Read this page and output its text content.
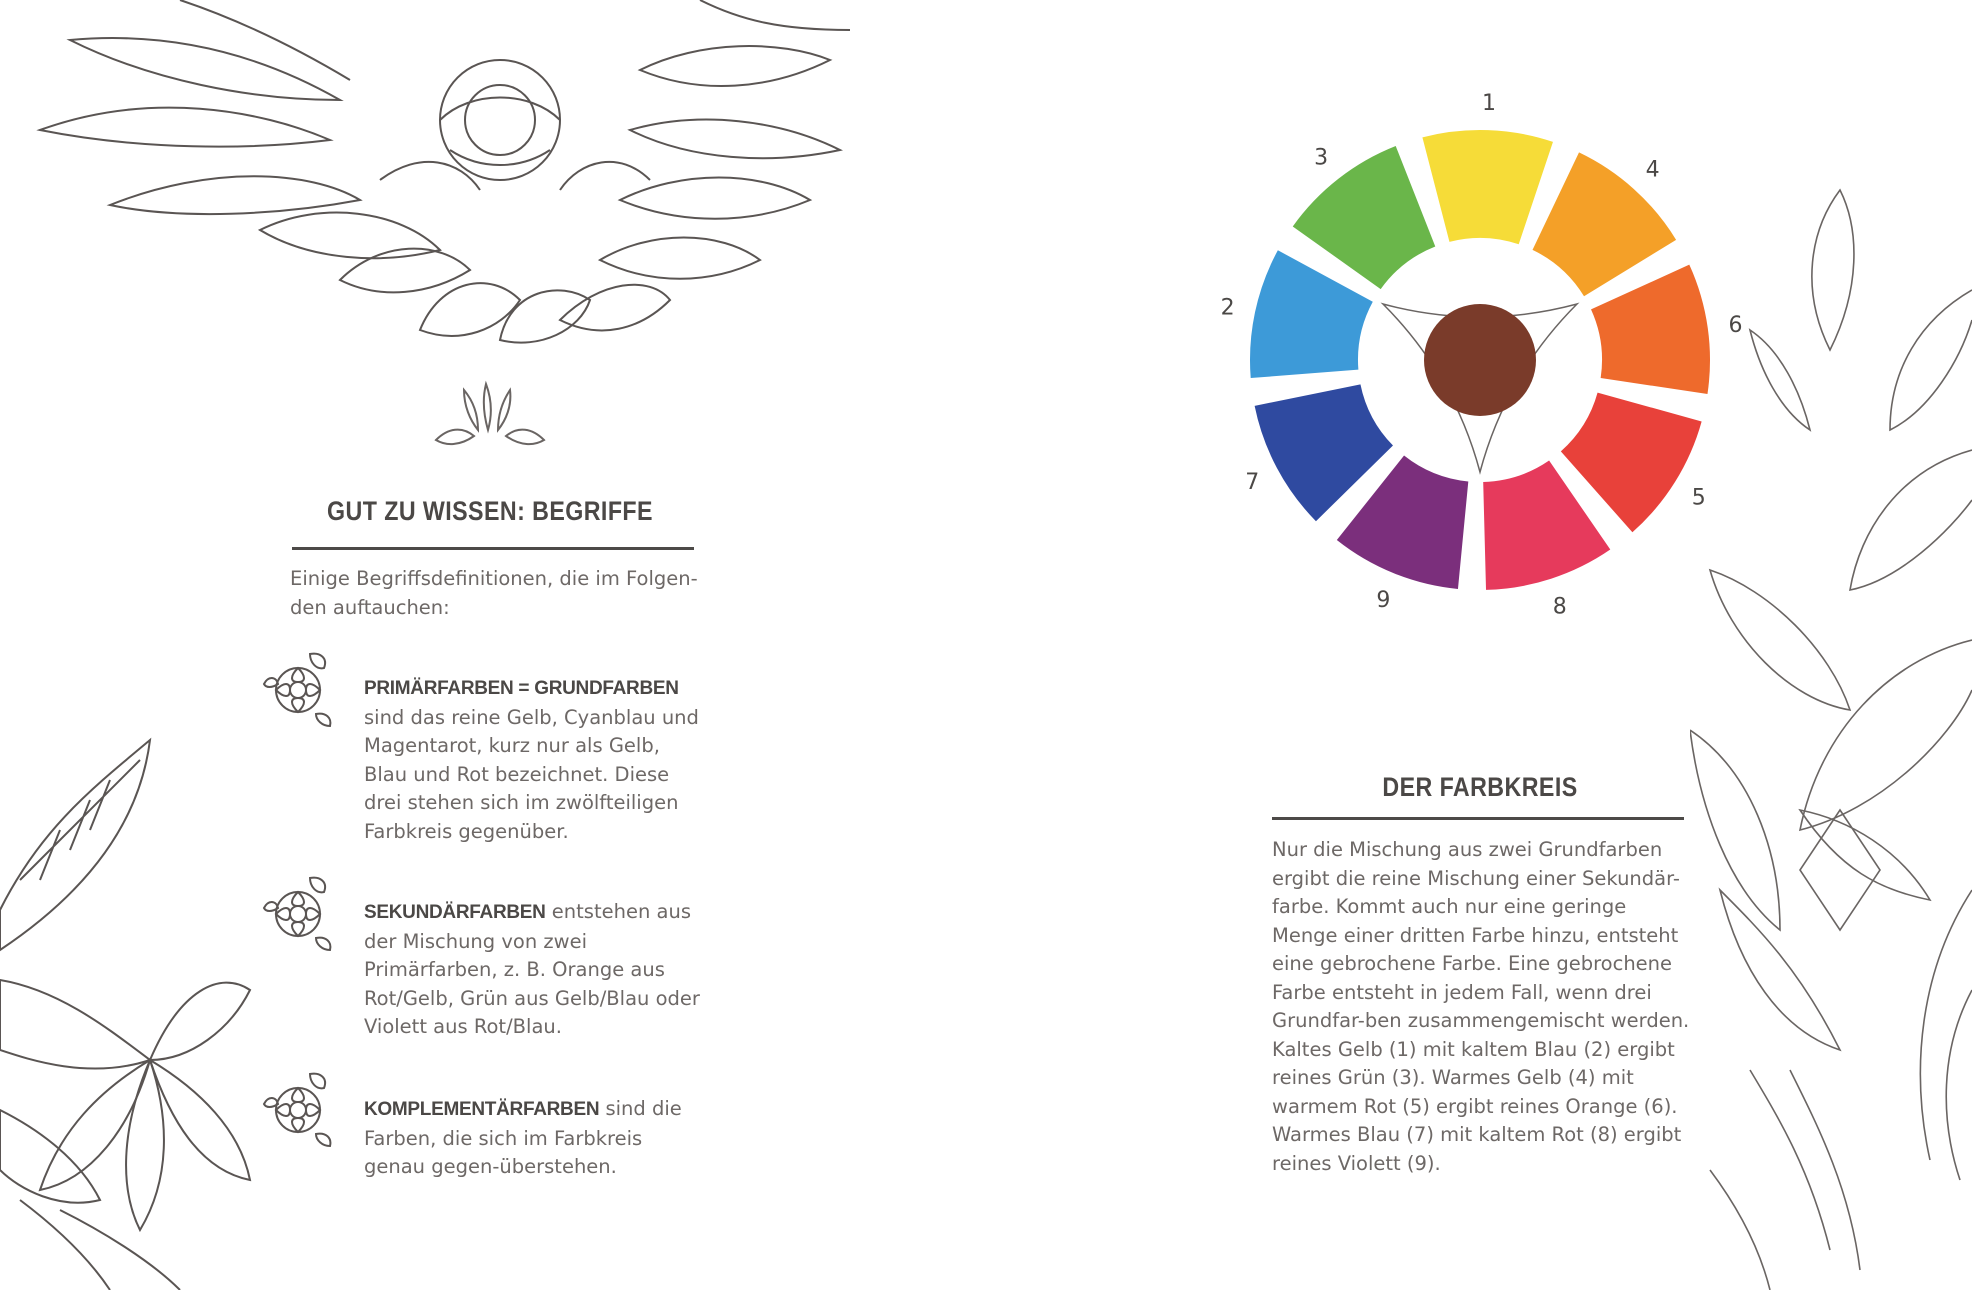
GUT ZU WISSEN: BEGRIFFE

Einige Begriffsdefinitionen, die im Folgen-den auftauchen:

PRIMÄRFARBEN = GRUNDFARBEN sind das reine Gelb, Cyanblau und Magentarot, kurz nur als Gelb, Blau und Rot bezeichnet. Diese drei stehen sich im zwölfteiligen Farbkreis gegenüber.

SEKUNDÄRFARBEN entstehen aus der Mischung von zwei Primärfarben, z. B. Orange aus Rot/Gelb, Grün aus Gelb/Blau oder Violett aus Rot/Blau.

KOMPLEMENTÄRFARBEN sind die Farben, die sich im Farbkreis genau gegen-überstehen.

1
4
6
5
8
9
7
2
3
DER FARBKREIS

Nur die Mischung aus zwei Grundfarben ergibt die reine Mischung einer Sekundär-farbe. Kommt auch nur eine geringe Menge einer dritten Farbe hinzu, entsteht eine gebrochene Farbe. Eine gebrochene Farbe entsteht in jedem Fall, wenn drei Grundfar-ben zusammengemischt werden. Kaltes Gelb (1) mit kaltem Blau (2) ergibt reines Grün (3). Warmes Gelb (4) mit warmem Rot (5) ergibt reines Orange (6). Warmes Blau (7) mit kaltem Rot (8) ergibt reines Violett (9).
